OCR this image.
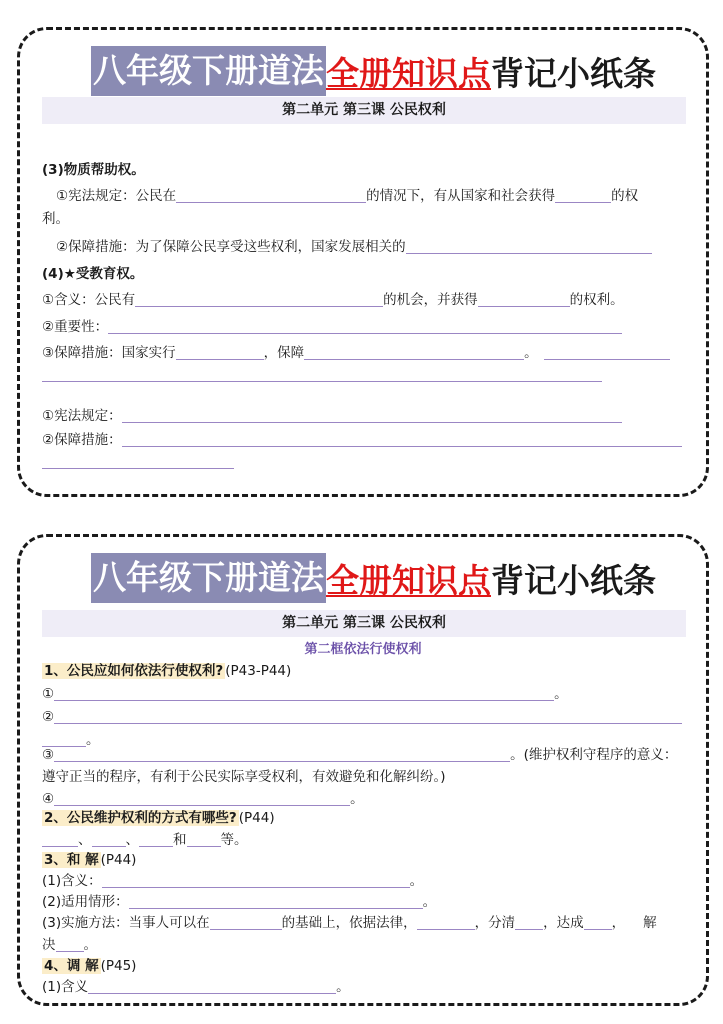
八年级下册道法 全册知识点 背记小纸条
第二单元 第三课 公民权利
(3)物质帮助权。
①宪法规定：公民在	的情况下，有从国家和社会获得	的权
利。
②保障措施：为了保障公民享受这些权利，国家发展相关的
(4)★受教育权。
①含义：公民有	的机会，并获得	的权利。
②重要性：
③保障措施：国家实行	，保障	。
①宪法规定：
②保障措施：
八年级下册道法 全册知识点 背记小纸条
第二单元 第三课 公民权利
第二框依法行使权利
1、公民应如何依法行使权利? (P43-P44)
①	。
②
。
③	。(维护权利守程序的意义：
遵守正当的程序，有利于公民实际享受权利，有效避免和化解纠纷。)
④	。
2、公民维护权利的方式有哪些? (P44)
、	、	和	等。
3、和 解 (P44)
(1)含义：	。
(2)适用情形：	。
(3)实施方法：当事人可以在	的基础上，依据法律，	，分清 ，达成 ， 解
决 。
4、调 解 (P45)
(1)含义	。
